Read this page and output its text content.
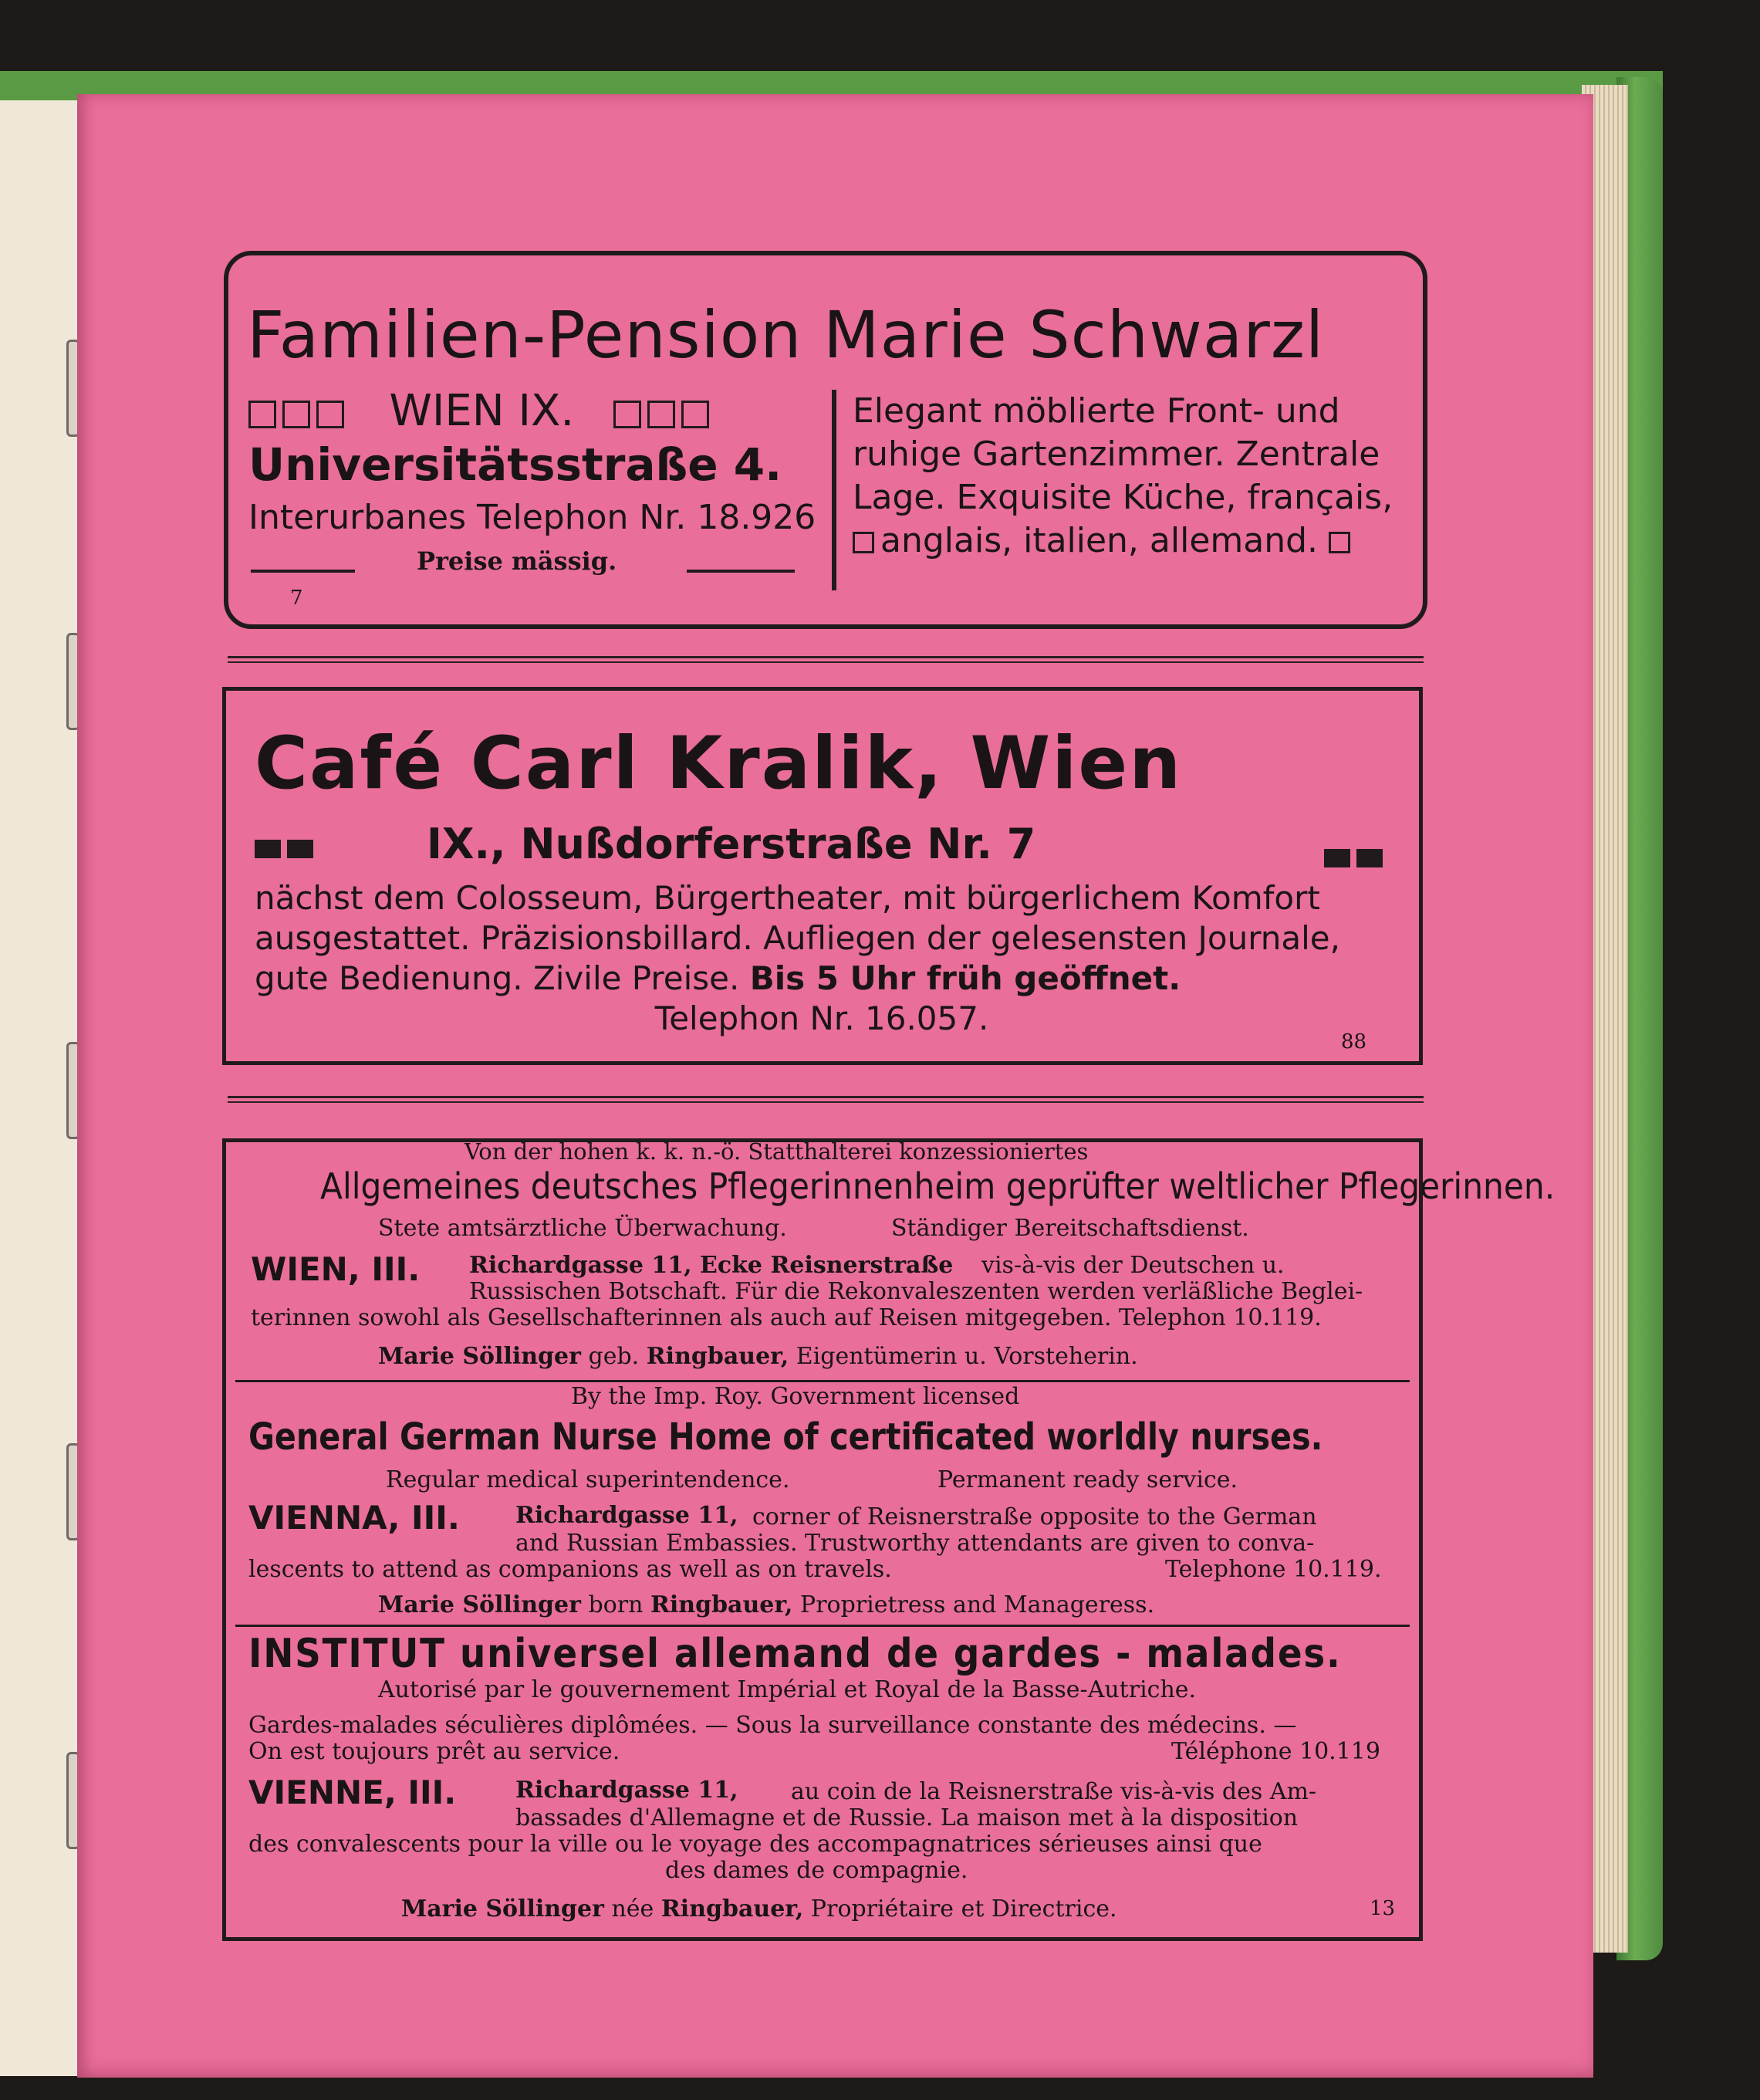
Familien-Pension Marie Schwarzl
WIEN IX.
Universitätsstraße 4.
Interurbanes Telephon Nr. 18.926
Preise mässig.
7
Elegant möblierte Front- und
ruhige Gartenzimmer. Zentrale
Lage. Exquisite Küche, français,
anglais, italien, allemand.
Café Carl Kralik, Wien
IX., Nußdorferstraße Nr. 7
nächst dem Colosseum, Bürgertheater, mit bürgerlichem Komfort
ausgestattet. Präzisionsbillard. Aufliegen der gelesensten Journale,
gute Bedienung. Zivile Preise. Bis 5 Uhr früh geöffnet.
Telephon Nr. 16.057.
88
Von der hohen k. k. n.-ö. Statthalterei konzessioniertes
Allgemeines deutsches Pflegerinnenheim geprüfter weltlicher Pflegerinnen.
Stete amtsärztliche Überwachung.	Ständiger Bereitschaftsdienst.
WIEN, III. Richardgasse 11, Ecke Reisnerstraße vis-à-vis der Deutschen u.
Russischen Botschaft. Für die Rekonvaleszenten werden verläßliche Beglei-
terinnen sowohl als Gesellschafterinnen als auch auf Reisen mitgegeben. Telephon 10.119.
Marie Söllinger geb. Ringbauer, Eigentümerin u. Vorsteherin.
By the Imp. Roy. Government licensed
General German Nurse Home of certificated worldly nurses.
Regular medical superintendence.	Permanent ready service.
VIENNA, III. Richardgasse 11, corner of Reisnerstraße opposite to the German
and Russian Embassies. Trustworthy attendants are given to conva-
lescents to attend as companions as well as on travels.	Telephone 10.119.
Marie Söllinger born Ringbauer, Proprietress and Manageress.
INSTITUT universel allemand de gardes - malades.
Autorisé par le gouvernement Impérial et Royal de la Basse-Autriche.
Gardes-malades séculières diplômées. — Sous la surveillance constante des médecins. —
On est toujours prêt au service.	Téléphone 10.119
VIENNE, III.	Richardgasse 11, au coin de la Reisnerstraße vis-à-vis des Am-
bassades d'Allemagne et de Russie. La maison met à la disposition
des convalescents pour la ville ou le voyage des accompagnatrices sérieuses ainsi que
des dames de compagnie.
Marie Söllinger née Ringbauer, Propriétaire et Directrice.	13
